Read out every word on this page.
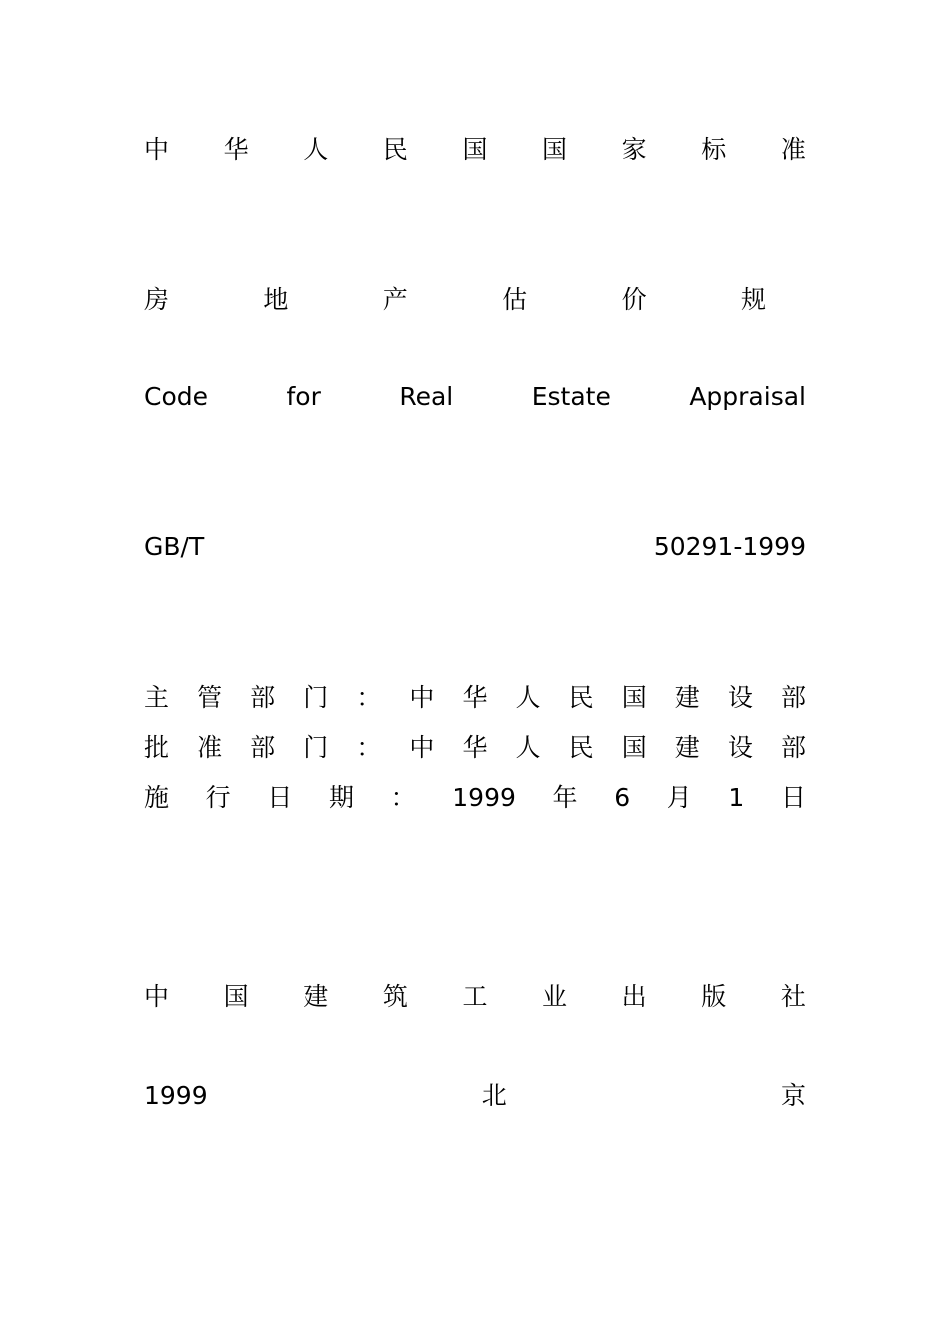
中 华 人 民 国 国 家 标 准
房	地	产	估	价	规
Code	for	Real	Estate	Appraisal
GB/T	50291-1999
主 管 部 门 ： 中 华 人 民 国 建 设 部
批 准 部 门 ： 中 华 人 民 国 建 设 部
施 行 日 期 ： 1999 年 6 月 1 日
中 国 建 筑 工 业 出 版 社
1999	北	京
